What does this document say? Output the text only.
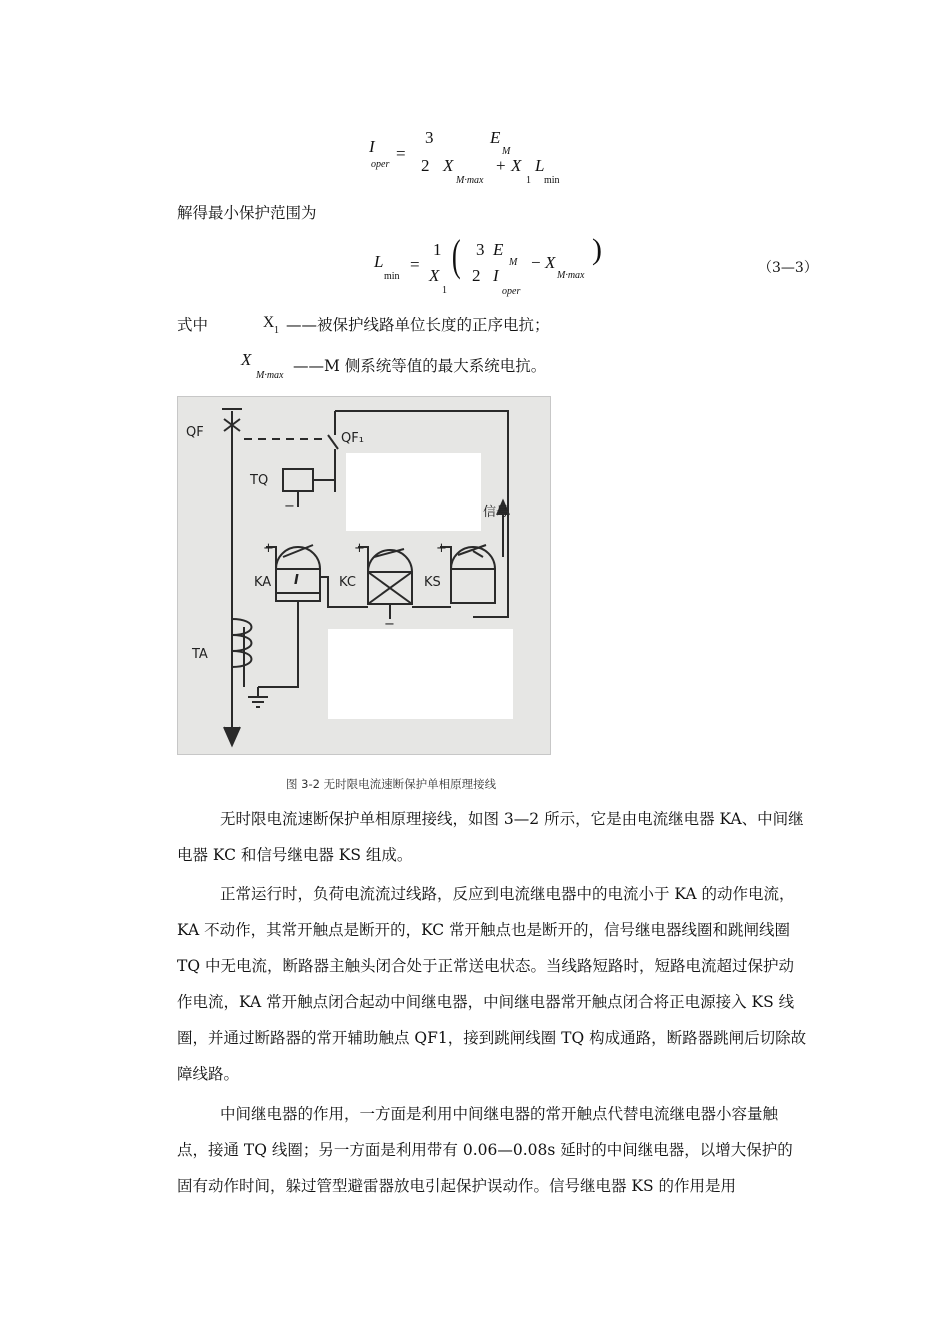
I
oper
=
3
2
E
M
X
M·max
+ X
1
L
min
解得最小保护范围为
L
min
=
1
X
1
( 3
2
E
M
I
oper
− X
M·max
)
（3—3）
式中	X 1 ——被保护线路单位长度的正序电抗；
X
M·max
——M 侧系统等值的最大系统电抗。
QF	QF₁
TQ
信号
+	+	+
KA I	KC	KS
−
−
TA
图 3-2 无时限电流速断保护单相原理接线

无时限电流速断保护单相原理接线，如图 3—2 所示，它是由电流继电器 KA、中间继电器 KC 和信号继电器 KS 组成。

正常运行时，负荷电流流过线路，反应到电流继电器中的电流小于 KA 的动作电流，KA 不动作，其常开触点是断开的，KC 常开触点也是断开的，信号继电器线圈和跳闸线圈 TQ 中无电流，断路器主触头闭合处于正常送电状态。当线路短路时，短路电流超过保护动作电流，KA 常开触点闭合起动中间继电器，中间继电器常开触点闭合将正电源接入 KS 线圈，并通过断路器的常开辅助触点 QF1，接到跳闸线圈 TQ 构成通路，断路器跳闸后切除故障线路。

中间继电器的作用，一方面是利用中间继电器的常开触点代替电流继电器小容量触点，接通 TQ 线圈；另一方面是利用带有 0.06—0.08s 延时的中间继电器，以增大保护的固有动作时间，躲过管型避雷器放电引起保护误动作。信号继电器 KS 的作用是用
